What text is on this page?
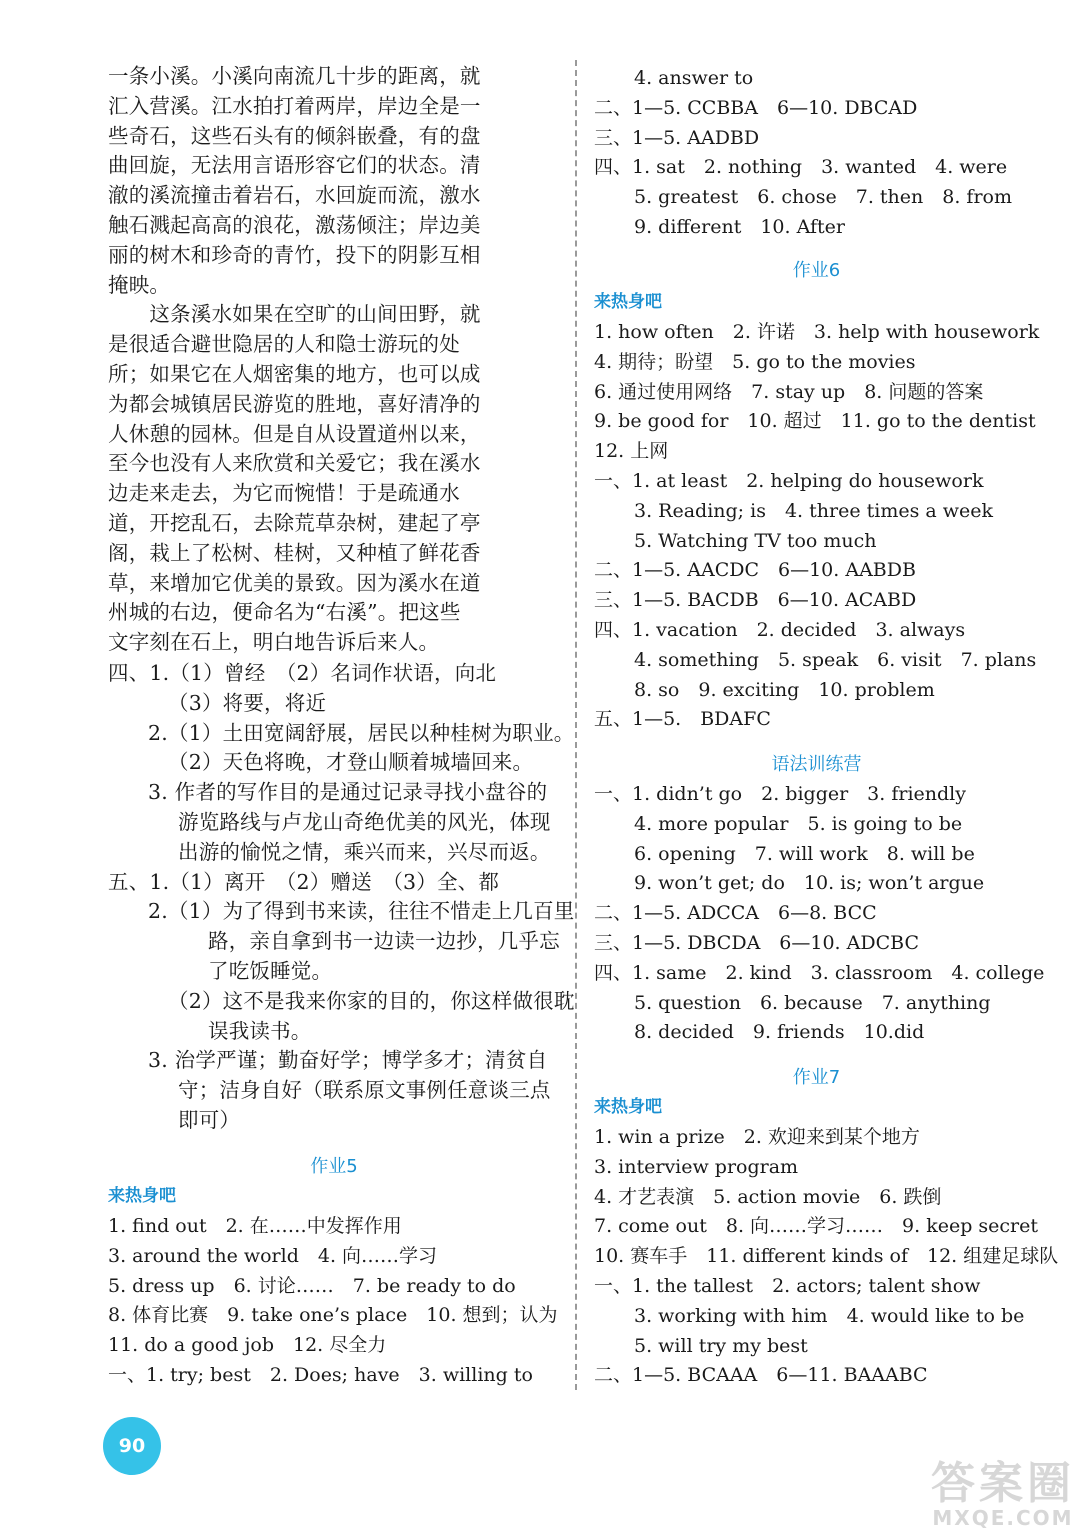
一条小溪。小溪向南流几十步的距离，就
汇入营溪。江水拍打着两岸，岸边全是一
些奇石，这些石头有的倾斜嵌叠，有的盘
曲回旋，无法用言语形容它们的状态。清
澈的溪流撞击着岩石，水回旋而流，激水
触石溅起高高的浪花，激荡倾注；岸边美
丽的树木和珍奇的青竹，投下的阴影互相
掩映。
　　这条溪水如果在空旷的山间田野，就
是很适合避世隐居的人和隐士游玩的处
所；如果它在人烟密集的地方，也可以成
为都会城镇居民游览的胜地，喜好清净的
人休憩的园林。但是自从设置道州以来，
至今也没有人来欣赏和关爱它；我在溪水
边走来走去，为它而惋惜！于是疏通水
道，开挖乱石，去除荒草杂树，建起了亭
阁，栽上了松树、桂树，又种植了鲜花香
草，来增加它优美的景致。因为溪水在道
州城的右边，便命名为“右溪”。把这些
文字刻在石上，明白地告诉后来人。
四、1.（1）曾经　（2）名词作状语，向北
（3）将要，将近
2.（1）土田宽阔舒展，居民以种桂树为职业。
（2）天色将晚，才登山顺着城墙回来。
3. 作者的写作目的是通过记录寻找小盘谷的
游览路线与卢龙山奇绝优美的风光，体现
出游的愉悦之情，乘兴而来，兴尽而返。
五、1.（1）离开　（2）赠送　（3）全、都
2.（1）为了得到书来读，往往不惜走上几百里
路，亲自拿到书一边读一边抄，几乎忘
了吃饭睡觉。
（2）这不是我来你家的目的，你这样做很耽
误我读书。
3. 治学严谨；勤奋好学；博学多才；清贫自
守；洁身自好（联系原文事例任意谈三点
即可）
作业5
来热身吧
1. find out　2. 在……中发挥作用
3. around the world　4. 向……学习
5. dress up　6. 讨论……　7. be ready to do
8. 体育比赛　9. take one’s place　10. 想到；认为
11. do a good job　12. 尽全力
一、1. try; best　2. Does; have　3. willing to
4. answer to
二、1—5. CCBBA　6—10. DBCAD
三、1—5. AADBD
四、1. sat　2. nothing　3. wanted　4. were
5. greatest　6. chose　7. then　8. from
9. different　10. After
作业6
来热身吧
1. how often　2. 许诺　3. help with housework
4. 期待；盼望　5. go to the movies
6. 通过使用网络　7. stay up　8. 问题的答案
9. be good for　10. 超过　11. go to the dentist
12. 上网
一、1. at least　2. helping do housework
3. Reading; is　4. three times a week
5. Watching TV too much
二、1—5. AACDC　6—10. AABDB
三、1—5. BACDB　6—10. ACABD
四、1. vacation　2. decided　3. always
4. something　5. speak　6. visit　7. plans
8. so　9. exciting　10. problem
五、1—5.　BDAFC
语法训练营
一、1. didn’t go　2. bigger　3. friendly
4. more popular　5. is going to be
6. opening　7. will work　8. will be
9. won’t get; do　10. is; won’t argue
二、1—5. ADCCA　6—8. BCC
三、1—5. DBCDA　6—10. ADCBC
四、1. same　2. kind　3. classroom　4. college
5. question　6. because　7. anything
8. decided　9. friends　10.did
作业7
来热身吧
1. win a prize　2. 欢迎来到某个地方
3. interview program
4. 才艺表演　5. action movie　6. 跌倒
7. come out　8. 向……学习……　9. keep secret
10. 赛车手　11. different kinds of　12. 组建足球队
一、1. the tallest　2. actors; talent show
3. working with him　4. would like to be
5. will try my best
二、1—5. BCAAA　6—11. BAAABC
90
答案圈
MXQE.COM
